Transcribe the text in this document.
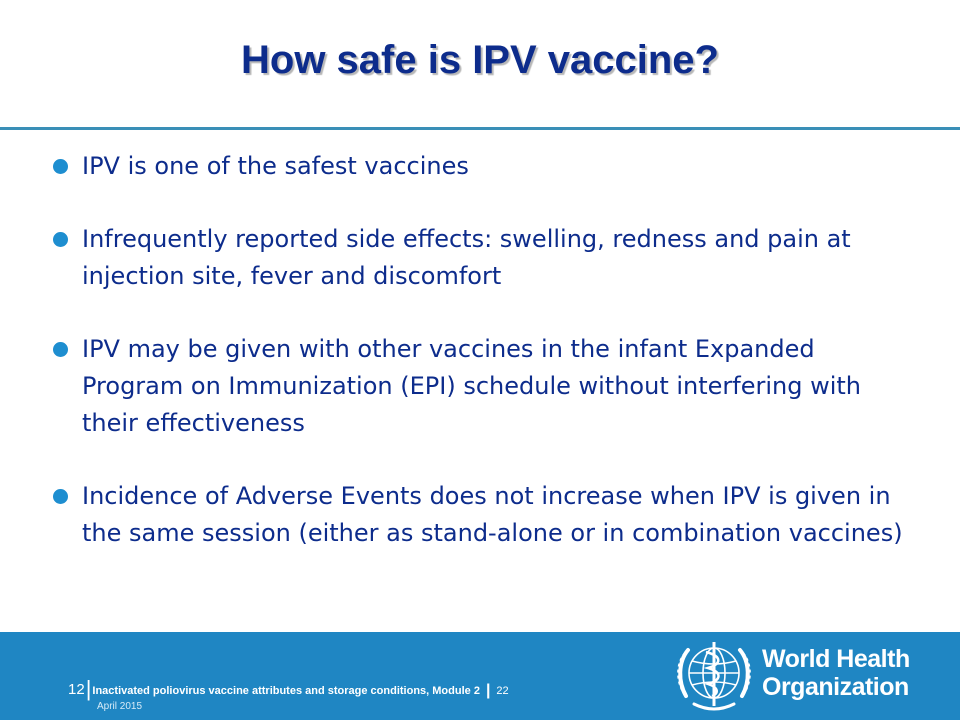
How safe is IPV vaccine?
IPV is one of the safest vaccines
Infrequently reported side effects: swelling, redness and pain at injection site, fever and discomfort
IPV may be given with other vaccines in the infant Expanded Program on Immunization (EPI) schedule without interfering with their effectiveness
Incidence of Adverse Events does not increase when IPV is given in the same session (either as stand-alone or in combination vaccines)
12|Inactivated poliovirus vaccine attributes and storage conditions, Module 2 | 22
April 2015
World Health
Organization
